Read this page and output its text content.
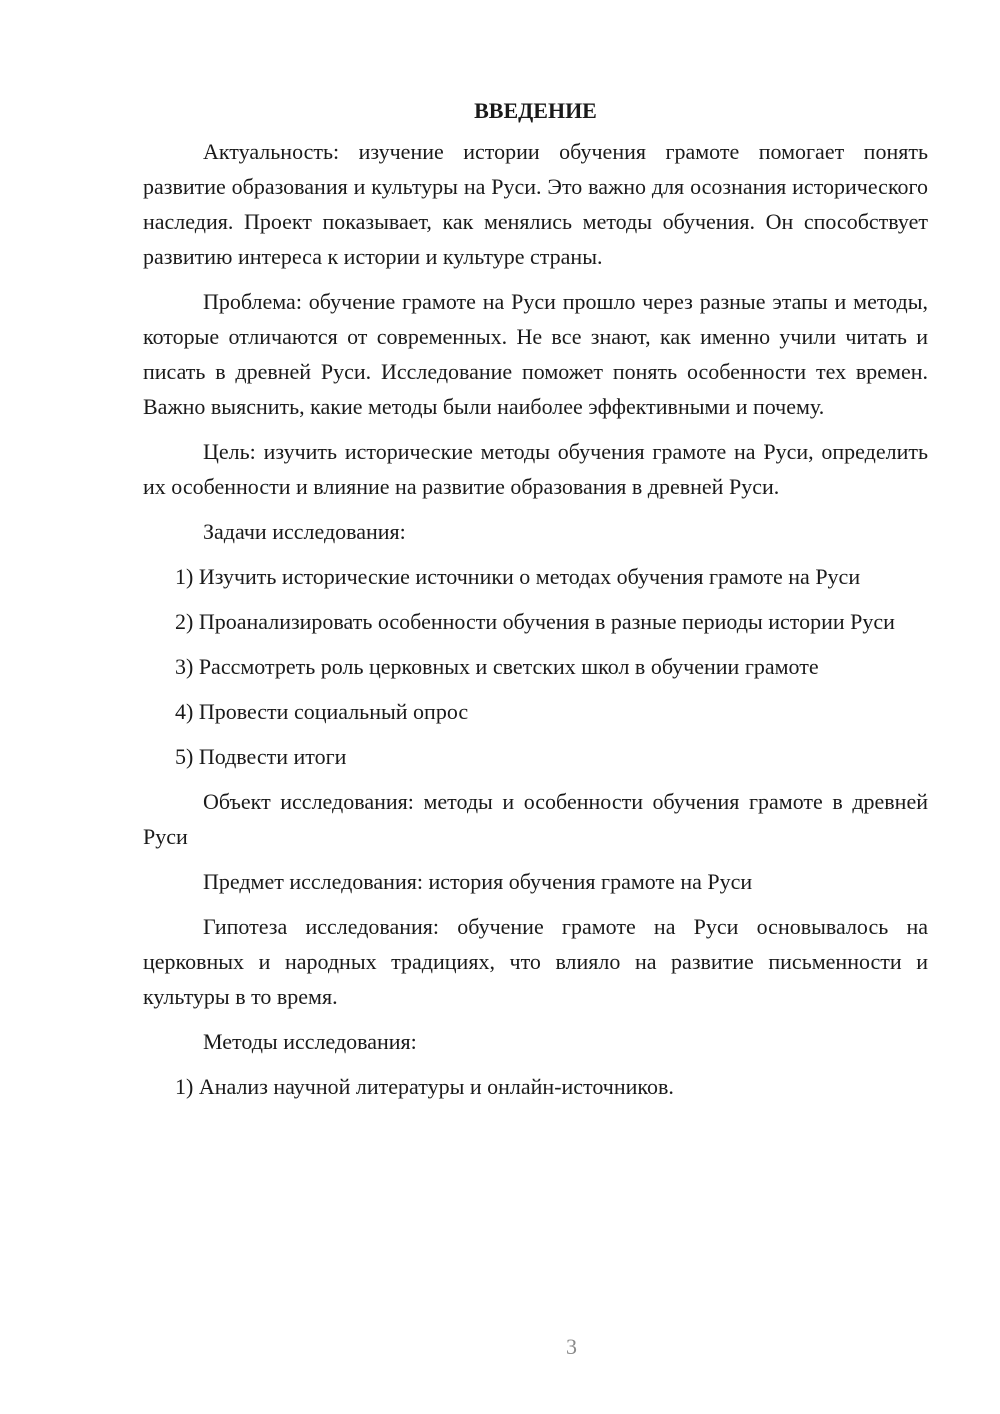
ВВЕДЕНИЕ

Актуальность: изучение истории обучения грамоте помогает понять развитие образования и культуры на Руси. Это важно для осознания исторического наследия. Проект показывает, как менялись методы обучения. Он способствует развитию интереса к истории и культуре страны.

Проблема: обучение грамоте на Руси прошло через разные этапы и методы, которые отличаются от современных. Не все знают, как именно учили читать и писать в древней Руси. Исследование поможет понять особенности тех времен. Важно выяснить, какие методы были наиболее эффективными и почему.

Цель: изучить исторические методы обучения грамоте на Руси, определить их особенности и влияние на развитие образования в древней Руси.

Задачи исследования:

1) Изучить исторические источники о методах обучения грамоте на Руси

2) Проанализировать особенности обучения в разные периоды истории Руси

3) Рассмотреть роль церковных и светских школ в обучении грамоте

4) Провести социальный опрос

5) Подвести итоги

Объект исследования: методы и особенности обучения грамоте в древней Руси

Предмет исследования: история обучения грамоте на Руси

Гипотеза исследования: обучение грамоте на Руси основывалось на церковных и народных традициях, что влияло на развитие письменности и культуры в то время.

Методы исследования:

1) Анализ научной литературы и онлайн-источников.

3
